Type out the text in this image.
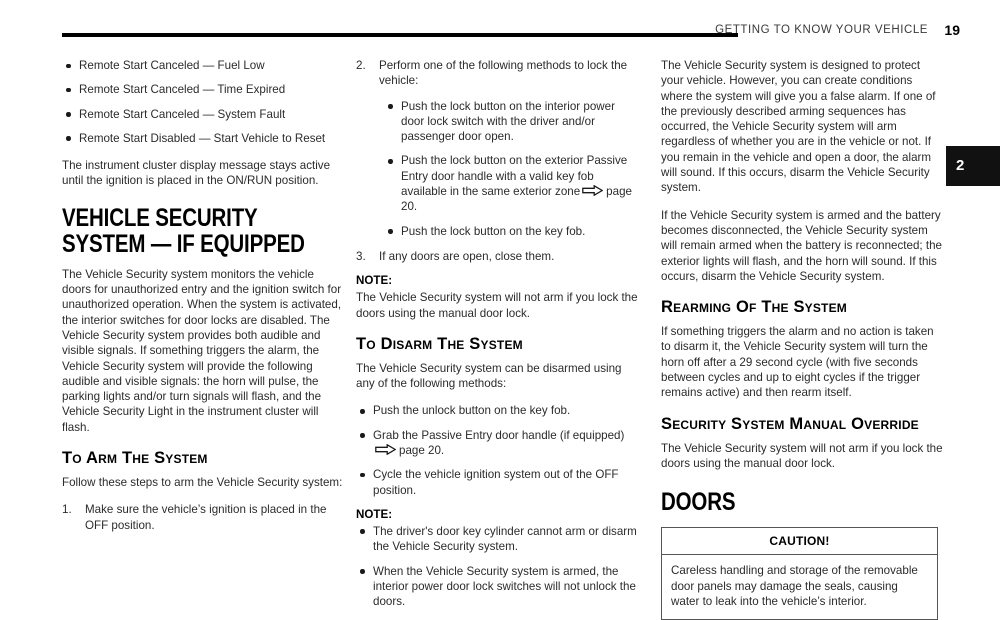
GETTING TO KNOW YOUR VEHICLE 19
2
Remote Start Canceled — Fuel Low
Remote Start Canceled — Time Expired
Remote Start Canceled — System Fault
Remote Start Disabled — Start Vehicle to Reset

The instrument cluster display message stays active until the ignition is placed in the ON/RUN position.

VEHICLE SECURITY SYSTEM — IF EQUIPPED

The Vehicle Security system monitors the vehicle doors for unauthorized entry and the ignition switch for unauthorized operation. When the system is activated, the interior switches for door locks are disabled. The Vehicle Security system provides both audible and visible signals. If something triggers the alarm, the Vehicle Security system will provide the following audible and visible signals: the horn will pulse, the parking lights and/or turn signals will flash, and the Vehicle Security Light in the instrument cluster will flash.

To Arm The System

Follow these steps to arm the Vehicle Security system:

1. Make sure the vehicle’s ignition is placed in the OFF position.
2. Perform one of the following methods to lock the vehicle:
Push the lock button on the interior power door lock switch with the driver and/or passenger door open.
Push the lock button on the exterior Passive Entry door handle with a valid key fob available in the same exterior zone page 20.
Push the lock button on the key fob.
3. If any doors are open, close them.

NOTE:

The Vehicle Security system will not arm if you lock the doors using the manual door lock.

To Disarm The System

The Vehicle Security system can be disarmed using any of the following methods:

Push the unlock button on the key fob.
Grab the Passive Entry door handle (if equipped)

page 20.
Cycle the vehicle ignition system out of the OFF position.

NOTE:

The driver's door key cylinder cannot arm or disarm the Vehicle Security system.
When the Vehicle Security system is armed, the interior power door lock switches will not unlock the doors.

The Vehicle Security system is designed to protect your vehicle. However, you can create conditions where the system will give you a false alarm. If one of the previously described arming sequences has occurred, the Vehicle Security system will arm regardless of whether you are in the vehicle or not. If you remain in the vehicle and open a door, the alarm will sound. If this occurs, disarm the Vehicle Security system.

If the Vehicle Security system is armed and the battery becomes disconnected, the Vehicle Security system will remain armed when the battery is reconnected; the exterior lights will flash, and the horn will sound. If this occurs, disarm the Vehicle Security system.

Rearming Of The System

If something triggers the alarm and no action is taken to disarm it, the Vehicle Security system will turn the horn off after a 29 second cycle (with five seconds between cycles and up to eight cycles if the trigger remains active) and then rearm itself.

Security System Manual Override

The Vehicle Security system will not arm if you lock the doors using the manual door lock.

DOORS
CAUTION!
Careless handling and storage of the removable door panels may damage the seals, causing water to leak into the vehicle’s interior.
